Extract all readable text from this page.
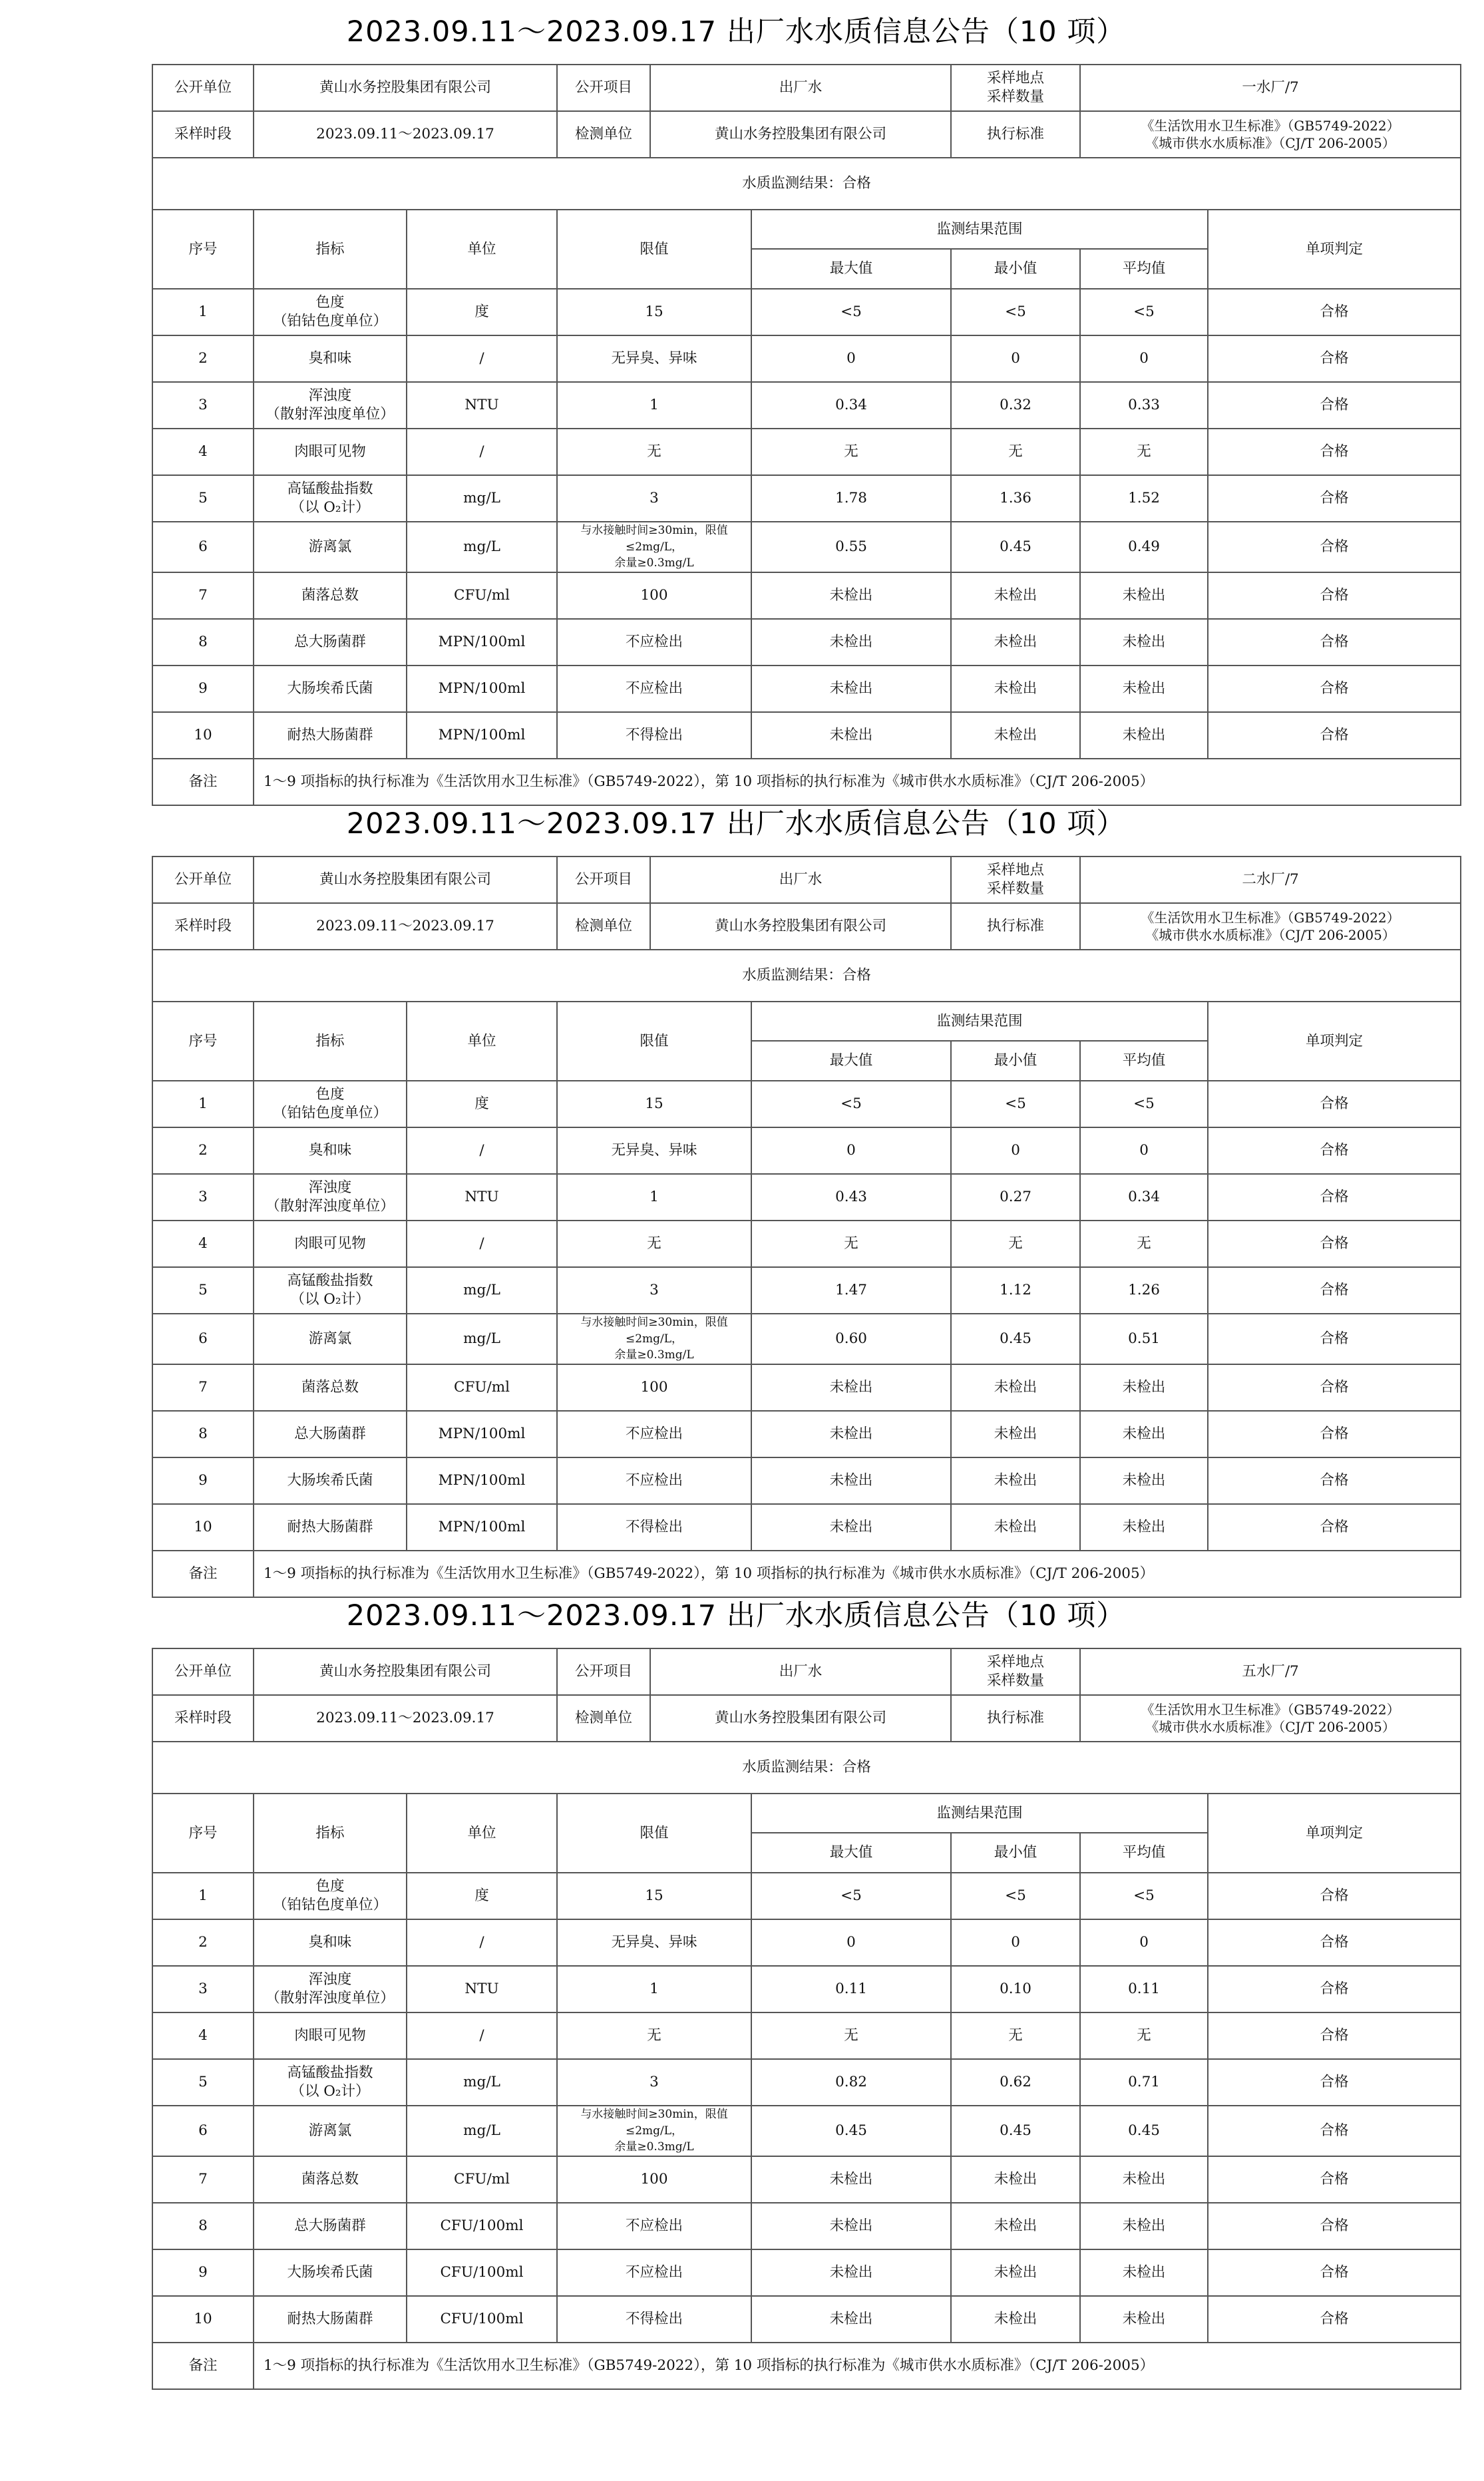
2023.09.11～2023.09.17 出厂水水质信息公告（10 项）
公开单位	黄山水务控股集团有限公司		公开项目	出厂水		采样地点
采样数量	一水厂/7	
采样时段	2023.09.11～2023.09.17		检测单位	黄山水务控股集团有限公司		执行标准	《生活饮用水卫生标准》（GB5749-2022）
《城市供水水质标准》（CJ/T 206-2005）	
水质监测结果：合格								
序号	指标	单位	限值		监测结果范围			单项判定
					最大值	最小值	平均值	
1	色度
（铂钴色度单位）	度	15		<5	<5	<5	合格
2	臭和味	/	无异臭、异味		0	0	0	合格
3	浑浊度
（散射浑浊度单位）	NTU	1		0.34	0.32	0.33	合格
4	肉眼可见物	/	无		无	无	无	合格
5	高锰酸盐指数
（以 O₂计）	mg/L	3		1.78	1.36	1.52	合格
6	游离氯	mg/L	与水接触时间≥30min，限值≤2mg/L，
余量≥0.3mg/L		0.55	0.45	0.49	合格
7	菌落总数	CFU/ml	100		未检出	未检出	未检出	合格
8	总大肠菌群	MPN/100ml	不应检出		未检出	未检出	未检出	合格
9	大肠埃希氏菌	MPN/100ml	不应检出		未检出	未检出	未检出	合格
10	耐热大肠菌群	MPN/100ml	不得检出		未检出	未检出	未检出	合格
备注	1～9 项指标的执行标准为《生活饮用水卫生标准》（GB5749-2022），第 10 项指标的执行标准为《城市供水水质标准》（CJ/T 206-2005）							
2023.09.11～2023.09.17 出厂水水质信息公告（10 项）
公开单位	黄山水务控股集团有限公司		公开项目	出厂水		采样地点
采样数量	二水厂/7	
采样时段	2023.09.11～2023.09.17		检测单位	黄山水务控股集团有限公司		执行标准	《生活饮用水卫生标准》（GB5749-2022）
《城市供水水质标准》（CJ/T 206-2005）	
水质监测结果：合格								
序号	指标	单位	限值		监测结果范围			单项判定
					最大值	最小值	平均值	
1	色度
（铂钴色度单位）	度	15		<5	<5	<5	合格
2	臭和味	/	无异臭、异味		0	0	0	合格
3	浑浊度
（散射浑浊度单位）	NTU	1		0.43	0.27	0.34	合格
4	肉眼可见物	/	无		无	无	无	合格
5	高锰酸盐指数
（以 O₂计）	mg/L	3		1.47	1.12	1.26	合格
6	游离氯	mg/L	与水接触时间≥30min，限值≤2mg/L，
余量≥0.3mg/L		0.60	0.45	0.51	合格
7	菌落总数	CFU/ml	100		未检出	未检出	未检出	合格
8	总大肠菌群	MPN/100ml	不应检出		未检出	未检出	未检出	合格
9	大肠埃希氏菌	MPN/100ml	不应检出		未检出	未检出	未检出	合格
10	耐热大肠菌群	MPN/100ml	不得检出		未检出	未检出	未检出	合格
备注	1～9 项指标的执行标准为《生活饮用水卫生标准》（GB5749-2022），第 10 项指标的执行标准为《城市供水水质标准》（CJ/T 206-2005）							
2023.09.11～2023.09.17 出厂水水质信息公告（10 项）
公开单位	黄山水务控股集团有限公司		公开项目	出厂水		采样地点
采样数量	五水厂/7	
采样时段	2023.09.11～2023.09.17		检测单位	黄山水务控股集团有限公司		执行标准	《生活饮用水卫生标准》（GB5749-2022）
《城市供水水质标准》（CJ/T 206-2005）	
水质监测结果：合格								
序号	指标	单位	限值		监测结果范围			单项判定
					最大值	最小值	平均值	
1	色度
（铂钴色度单位）	度	15		<5	<5	<5	合格
2	臭和味	/	无异臭、异味		0	0	0	合格
3	浑浊度
（散射浑浊度单位）	NTU	1		0.11	0.10	0.11	合格
4	肉眼可见物	/	无		无	无	无	合格
5	高锰酸盐指数
（以 O₂计）	mg/L	3		0.82	0.62	0.71	合格
6	游离氯	mg/L	与水接触时间≥30min，限值≤2mg/L，
余量≥0.3mg/L		0.45	0.45	0.45	合格
7	菌落总数	CFU/ml	100		未检出	未检出	未检出	合格
8	总大肠菌群	CFU/100ml	不应检出		未检出	未检出	未检出	合格
9	大肠埃希氏菌	CFU/100ml	不应检出		未检出	未检出	未检出	合格
10	耐热大肠菌群	CFU/100ml	不得检出		未检出	未检出	未检出	合格
备注	1～9 项指标的执行标准为《生活饮用水卫生标准》（GB5749-2022），第 10 项指标的执行标准为《城市供水水质标准》（CJ/T 206-2005）							
